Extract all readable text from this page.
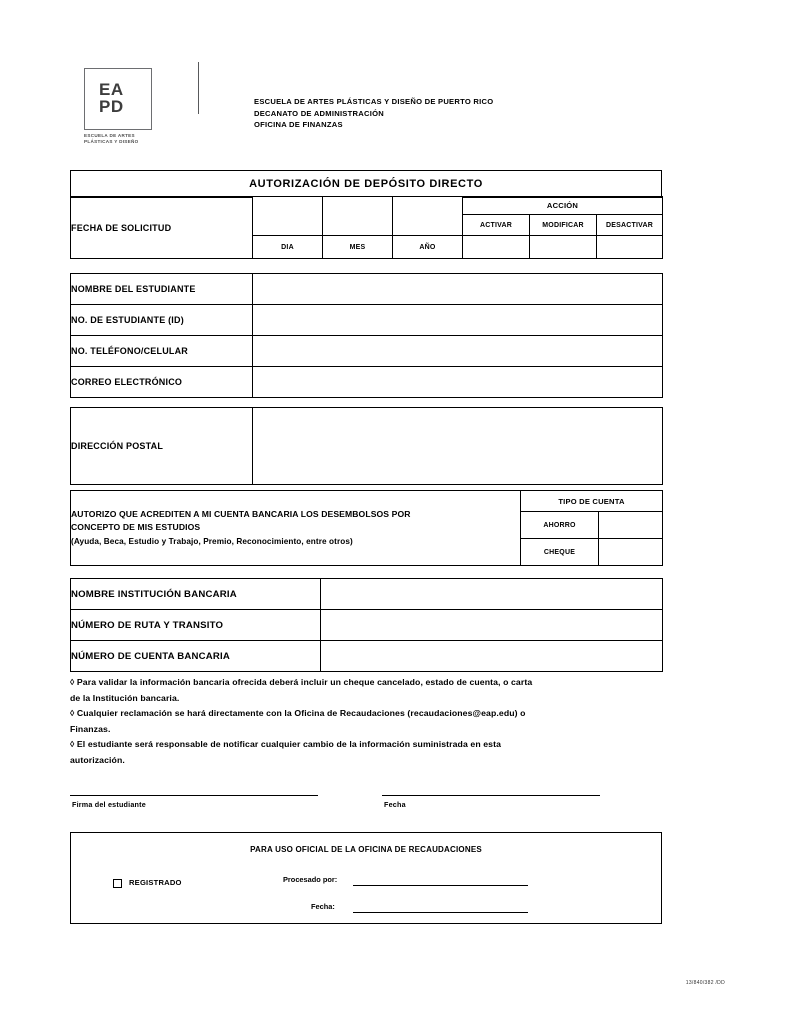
EA
PD
ESCUELA DE ARTES
PLÁSTICAS Y DISEÑO
ESCUELA DE ARTES PLÁSTICAS Y DISEÑO DE PUERTO RICO
DECANATO DE ADMINISTRACIÓN
OFICINA DE FINANZAS
AUTORIZACIÓN DE DEPÓSITO DIRECTO
FECHA DE SOLICITUD				ACCIÓN		
				ACTIVAR	MODIFICAR	DESACTIVAR
	DIA	MES	AÑO			
NOMBRE DEL ESTUDIANTE	
NO. DE ESTUDIANTE (ID)	
NO. TELÉFONO/CELULAR	
CORREO ELECTRÓNICO	
DIRECCIÓN POSTAL	
AUTORIZO QUE ACREDITEN A MI CUENTA BANCARIA LOS DESEMBOLSOS POR
CONCEPTO DE MIS ESTUDIOS
(Ayuda, Beca, Estudio y Trabajo, Premio, Reconocimiento, entre otros)	TIPO DE CUENTA	
	AHORRO	
	CHEQUE	
NOMBRE INSTITUCIÓN BANCARIA	
NÚMERO DE RUTA Y TRANSITO	
NÚMERO DE CUENTA BANCARIA	

◊ Para validar la información bancaria ofrecida deberá incluir un cheque cancelado, estado de cuenta, o carta

de la Institución bancaria.

◊ Cualquier reclamación se hará directamente con la Oficina de Recaudaciones (recaudaciones@eap.edu) o

Finanzas.

◊ El estudiante será responsable de notificar cualquier cambio de la información suministrada en esta

autorización.

Firma del estudiante	Fecha
PARA USO OFICIAL DE LA OFICINA DE RECAUDACIONES
REGISTRADO	Procesado por:
Fecha:
13/840/382 /DD
